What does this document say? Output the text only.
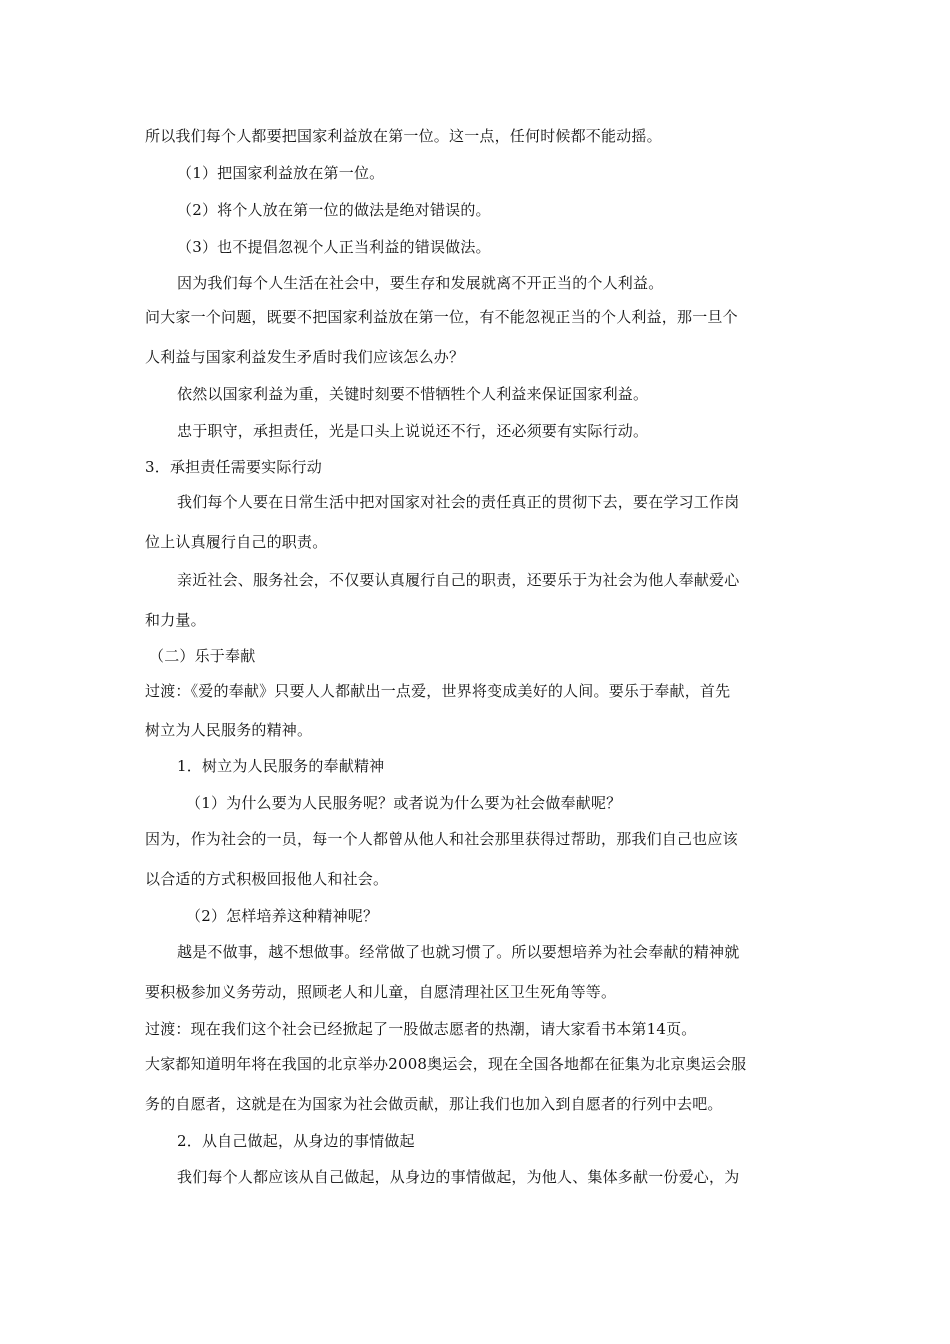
所以我们每个人都要把国家利益放在第一位。这一点，任何时候都不能动摇。
（1）把国家利益放在第一位。
（2）将个人放在第一位的做法是绝对错误的。
（3）也不提倡忽视个人正当利益的错误做法。
因为我们每个人生活在社会中，要生存和发展就离不开正当的个人利益。
问大家一个问题，既要不把国家利益放在第一位，有不能忽视正当的个人利益，那一旦个
人利益与国家利益发生矛盾时我们应该怎么办？
依然以国家利益为重，关键时刻要不惜牺牲个人利益来保证国家利益。
忠于职守，承担责任，光是口头上说说还不行，还必须要有实际行动。
3．承担责任需要实际行动
我们每个人要在日常生活中把对国家对社会的责任真正的贯彻下去，要在学习工作岗
位上认真履行自己的职责。
亲近社会、服务社会，不仅要认真履行自己的职责，还要乐于为社会为他人奉献爱心
和力量。
（二）乐于奉献
过渡：《爱的奉献》只要人人都献出一点爱，世界将变成美好的人间。要乐于奉献，首先
树立为人民服务的精神。
1．树立为人民服务的奉献精神
（1）为什么要为人民服务呢？或者说为什么要为社会做奉献呢？
因为，作为社会的一员，每一个人都曾从他人和社会那里获得过帮助，那我们自己也应该
以合适的方式积极回报他人和社会。
（2）怎样培养这种精神呢？
越是不做事，越不想做事。经常做了也就习惯了。所以要想培养为社会奉献的精神就
要积极参加义务劳动，照顾老人和儿童，自愿清理社区卫生死角等等。
过渡：现在我们这个社会已经掀起了一股做志愿者的热潮，请大家看书本第14页。
大家都知道明年将在我国的北京举办2008奥运会，现在全国各地都在征集为北京奥运会服
务的自愿者，这就是在为国家为社会做贡献，那让我们也加入到自愿者的行列中去吧。
2．从自己做起，从身边的事情做起
我们每个人都应该从自己做起，从身边的事情做起，为他人、集体多献一份爱心，为
